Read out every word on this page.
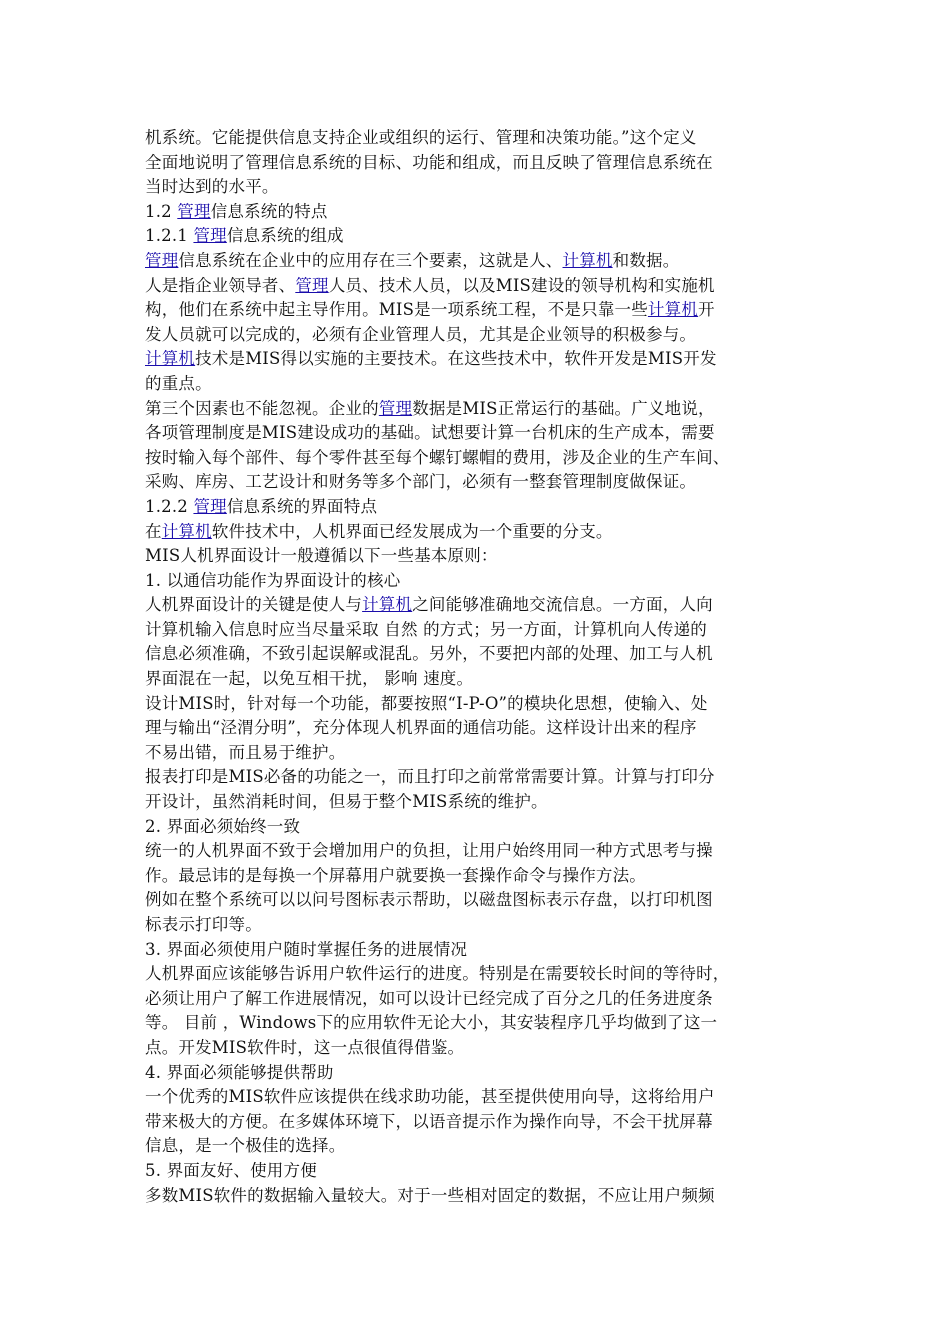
机系统。它能提供信息支持企业或组织的运行、管理和决策功能。”这个定义
全面地说明了管理信息系统的目标、功能和组成，而且反映了管理信息系统在
当时达到的水平。
1.2 管理信息系统的特点
1.2.1 管理信息系统的组成
管理信息系统在企业中的应用存在三个要素，这就是人、计算机和数据。
人是指企业领导者、管理人员、技术人员，以及MIS建设的领导机构和实施机
构，他们在系统中起主导作用。MIS是一项系统工程，不是只靠一些计算机开
发人员就可以完成的，必须有企业管理人员，尤其是企业领导的积极参与。
计算机技术是MIS得以实施的主要技术。在这些技术中，软件开发是MIS开发
的重点。
第三个因素也不能忽视。企业的管理数据是MIS正常运行的基础。广义地说，
各项管理制度是MIS建设成功的基础。试想要计算一台机床的生产成本，需要
按时输入每个部件、每个零件甚至每个螺钉螺帽的费用，涉及企业的生产车间、
采购、库房、工艺设计和财务等多个部门，必须有一整套管理制度做保证。
1.2.2 管理信息系统的界面特点
在计算机软件技术中，人机界面已经发展成为一个重要的分支。
MIS人机界面设计一般遵循以下一些基本原则：
1. 以通信功能作为界面设计的核心
人机界面设计的关键是使人与计算机之间能够准确地交流信息。一方面，人向
计算机输入信息时应当尽量采取 自然 的方式；另一方面，计算机向人传递的
信息必须准确，不致引起误解或混乱。另外，不要把内部的处理、加工与人机
界面混在一起，以免互相干扰， 影响 速度。
设计MIS时，针对每一个功能，都要按照“I-P-O”的模块化思想，使输入、处
理与输出“泾渭分明”，充分体现人机界面的通信功能。这样设计出来的程序
不易出错，而且易于维护。
报表打印是MIS必备的功能之一，而且打印之前常常需要计算。计算与打印分
开设计，虽然消耗时间，但易于整个MIS系统的维护。
2. 界面必须始终一致
统一的人机界面不致于会增加用户的负担，让用户始终用同一种方式思考与操
作。最忌讳的是每换一个屏幕用户就要换一套操作命令与操作方法。
例如在整个系统可以以问号图标表示帮助，以磁盘图标表示存盘，以打印机图
标表示打印等。
3. 界面必须使用户随时掌握任务的进展情况
人机界面应该能够告诉用户软件运行的进度。特别是在需要较长时间的等待时，
必须让用户了解工作进展情况，如可以设计已经完成了百分之几的任务进度条
等。 目前 ，Windows下的应用软件无论大小，其安装程序几乎均做到了这一
点。开发MIS软件时，这一点很值得借鉴。
4. 界面必须能够提供帮助
一个优秀的MIS软件应该提供在线求助功能，甚至提供使用向导，这将给用户
带来极大的方便。在多媒体环境下，以语音提示作为操作向导，不会干扰屏幕
信息，是一个极佳的选择。
5. 界面友好、使用方便
多数MIS软件的数据输入量较大。对于一些相对固定的数据，不应让用户频频
